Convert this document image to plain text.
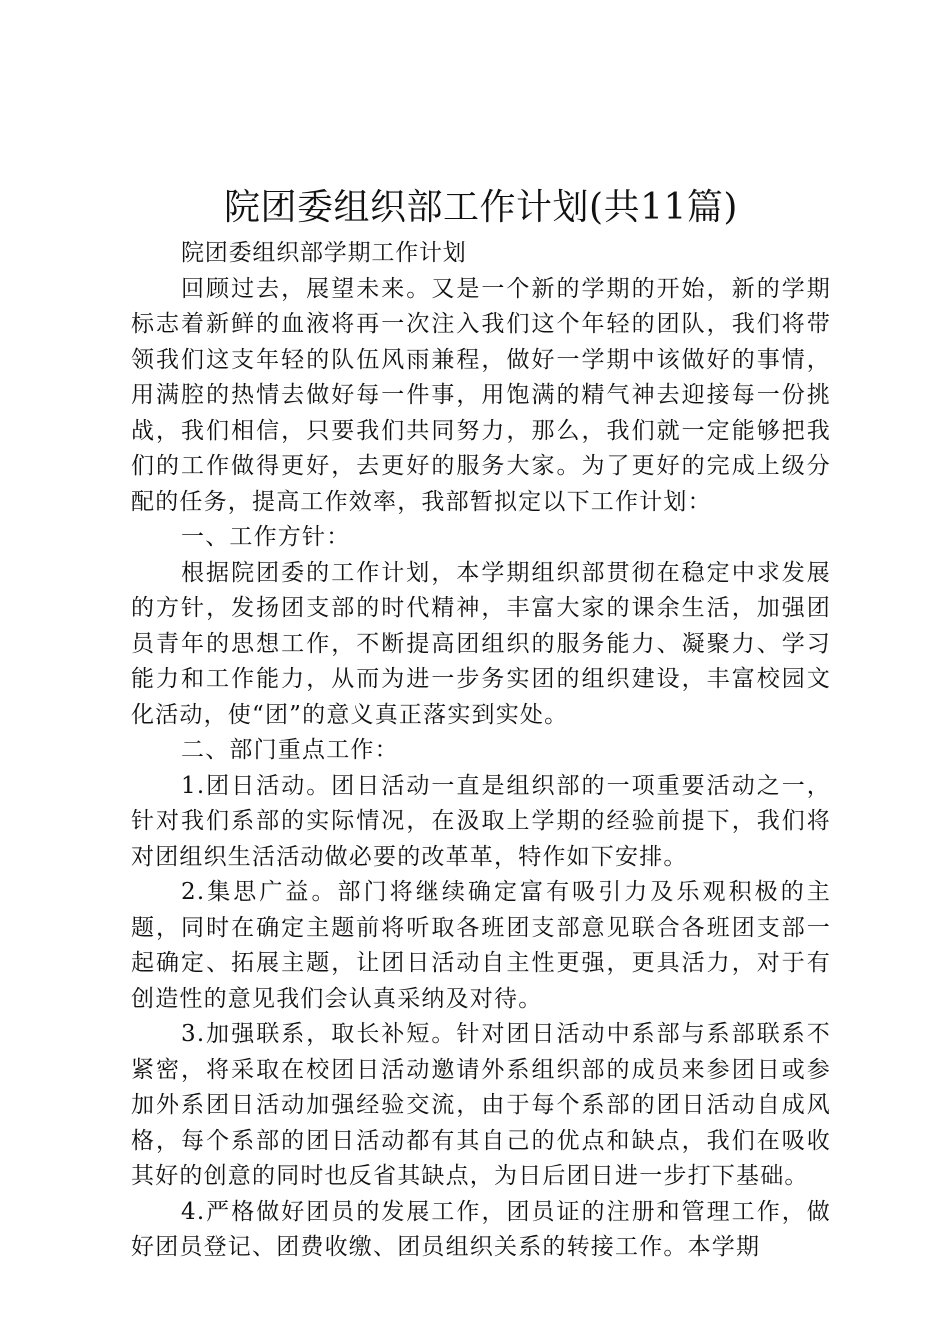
院团委组织部工作计划(共11篇)

院团委组织部学期工作计划

回顾过去，展望未来。又是一个新的学期的开始，新的学期标志着新鲜的血液将再一次注入我们这个年轻的团队，我们将带领我们这支年轻的队伍风雨兼程，做好一学期中该做好的事情，用满腔的热情去做好每一件事，用饱满的精气神去迎接每一份挑战，我们相信，只要我们共同努力，那么，我们就一定能够把我们的工作做得更好，去更好的服务大家。为了更好的完成上级分配的任务，提高工作效率，我部暂拟定以下工作计划：

一、工作方针：

根据院团委的工作计划，本学期组织部贯彻在稳定中求发展的方针，发扬团支部的时代精神，丰富大家的课余生活，加强团员青年的思想工作，不断提高团组织的服务能力、凝聚力、学习能力和工作能力，从而为进一步务实团的组织建设，丰富校园文化活动，使“团”的意义真正落实到实处。

二、部门重点工作：

1.团日活动。团日活动一直是组织部的一项重要活动之一，针对我们系部的实际情况，在汲取上学期的经验前提下，我们将对团组织生活活动做必要的改革革，特作如下安排。

2.集思广益。部门将继续确定富有吸引力及乐观积极的主题，同时在确定主题前将听取各班团支部意见联合各班团支部一起确定、拓展主题，让团日活动自主性更强，更具活力，对于有创造性的意见我们会认真采纳及对待。

3.加强联系，取长补短。针对团日活动中系部与系部联系不紧密，将采取在校团日活动邀请外系组织部的成员来参团日或参加外系团日活动加强经验交流，由于每个系部的团日活动自成风格，每个系部的团日活动都有其自己的优点和缺点，我们在吸收其好的创意的同时也反省其缺点，为日后团日进一步打下基础。

4.严格做好团员的发展工作，团员证的注册和管理工作，做好团员登记、团费收缴、团员组织关系的转接工作。本学期
